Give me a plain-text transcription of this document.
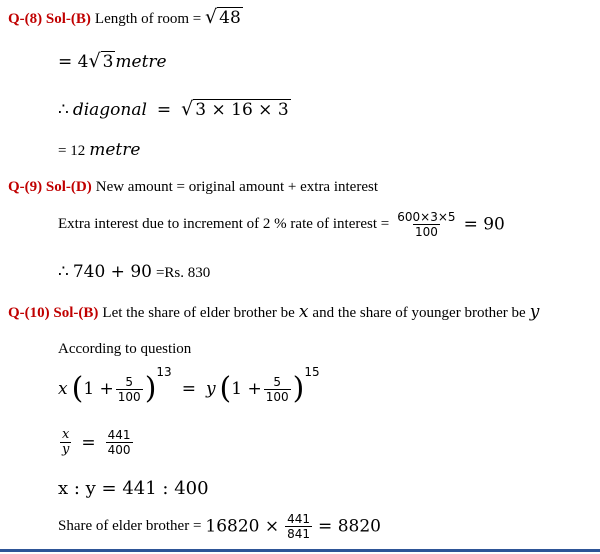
Q-(8) Sol-(B) Length of room = √ 48
= 4√ 3 metre
∴ diagonal = √ 3 × 16 × 3
= 12 metre
Q-(9) Sol-(D) New amount = original amount + extra interest
Extra interest due to increment of 2 % rate of interest = $\frac{600\times 3\times 5}{100} = 90$
∴ 740 + 90 =Rs. 830
Q-(10) Sol-(B) Let the share of elder brother be x and the share of younger brother be y
According to question
x $(1 + \frac{5}{100} )^{13} = y$ $(1 + \frac{5}{100} )^{15}$
$\frac{x}{y} = \frac{441}{400}$
x : y = 441 : 400
Share of elder brother = $16820 \times \frac{441}{841} = 8820$
